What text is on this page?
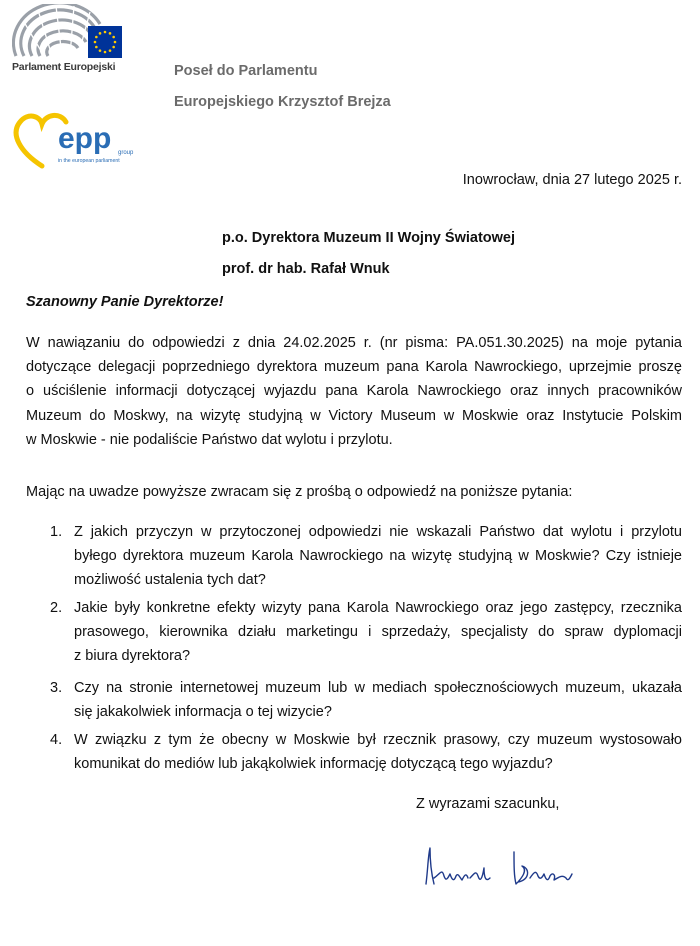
Parlament Europejski
epp group
in the european parliament
Poseł do Parlamentu
Europejskiego Krzysztof Brejza
Inowrocław, dnia 27 lutego 2025 r.
p.o. Dyrektora Muzeum II Wojny Światowej
prof. dr hab. Rafał Wnuk
Szanowny Panie Dyrektorze!
W nawiązaniu do odpowiedzi z dnia 24.02.2025 r. (nr pisma: PA.051.30.2025) na moje pytania
dotyczące delegacji poprzedniego dyrektora muzeum pana Karola Nawrockiego, uprzejmie proszę
o uściślenie informacji dotyczącej wyjazdu pana Karola Nawrockiego oraz innych pracowników
Muzeum do Moskwy, na wizytę studyjną w Victory Museum w Moskwie oraz Instytucie Polskim
w Moskwie - nie podaliście Państwo dat wylotu i przylotu.
Mając na uwadze powyższe zwracam się z prośbą o odpowiedź na poniższe pytania:
1. Z jakich przyczyn w przytoczonej odpowiedzi nie wskazali Państwo dat wylotu i przylotu
byłego dyrektora muzeum Karola Nawrockiego na wizytę studyjną w Moskwie? Czy istnieje
możliwość ustalenia tych dat?
2. Jakie były konkretne efekty wizyty pana Karola Nawrockiego oraz jego zastępcy, rzecznika
prasowego, kierownika działu marketingu i sprzedaży, specjalisty do spraw dyplomacji
z biura dyrektora?
3. Czy na stronie internetowej muzeum lub w mediach społecznościowych muzeum, ukazała
się jakakolwiek informacja o tej wizycie?
4. W związku z tym że obecny w Moskwie był rzecznik prasowy, czy muzeum wystosowało
komunikat do mediów lub jakąkolwiek informację dotyczącą tego wyjazdu?
Z wyrazami szacunku,
